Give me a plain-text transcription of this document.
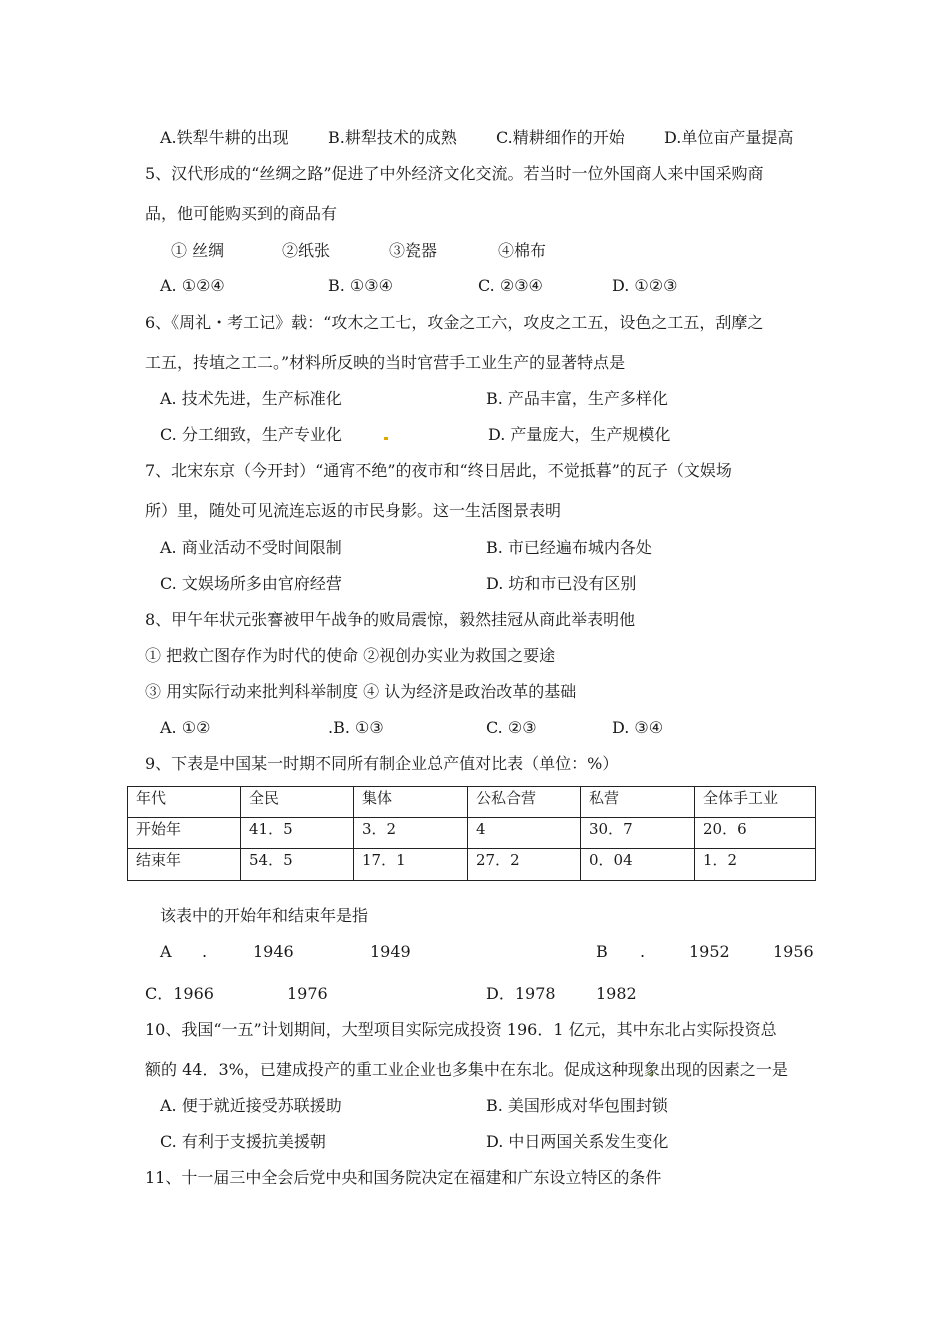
A.铁犁牛耕的出现 B.耕犁技术的成熟 C.精耕细作的开始 D.单位亩产量提高
5、汉代形成的“丝绸之路”促进了中外经济文化交流。若当时一位外国商人来中国采购商
品，他可能购买到的商品有
① 丝绸	②纸张	③瓷器	④棉布
A. ①②④	B. ①③④	C. ②③④	D. ①②③
6、《周礼・考工记》载：“攻木之工七，攻金之工六，攻皮之工五，设色之工五，刮摩之
工五，抟埴之工二。”材料所反映的当时官营手工业生产的显著特点是
A. 技术先进，生产标准化	B. 产品丰富，生产多样化
C. 分工细致，生产专业化	D. 产量庞大，生产规模化
7、北宋东京（今开封）“通宵不绝”的夜市和“终日居此，不觉抵暮”的瓦子（文娱场
所）里，随处可见流连忘返的市民身影。这一生活图景表明
A. 商业活动不受时间限制	B. 市已经遍布城内各处
C. 文娱场所多由官府经营	D. 坊和市已没有区别
8、甲午年状元张謇被甲午战争的败局震惊，毅然挂冠从商此举表明他
① 把救亡图存作为时代的使命 ②视创办实业为救国之要途
③ 用实际行动来批判科举制度 ④ 认为经济是政治改革的基础
A. ①②	.B. ①③	C. ②③	D. ③④
9、下表是中国某一时期不同所有制企业总产值对比表（单位：%）
年代	全民	集体	公私合营	私营	全体手工业
开始年	41．5	3．2	4	30．7	20．6
结束年	54．5	17．1	27．2	0．04	1．2
该表中的开始年和结束年是指
A .	1946	1949	B .	1952	1956
C．1966	1976	D．1978	1982
10、我国“一五”计划期间，大型项目实际完成投资 196．1 亿元，其中东北占实际投资总
额的 44．3%，已建成投产的重工业企业也多集中在东北。促成这种现象出现的因素之一是
A. 便于就近接受苏联援助	B. 美国形成对华包围封锁
C. 有利于支援抗美援朝	D. 中日两国关系发生变化
11、十一届三中全会后党中央和国务院决定在福建和广东设立特区的条件
